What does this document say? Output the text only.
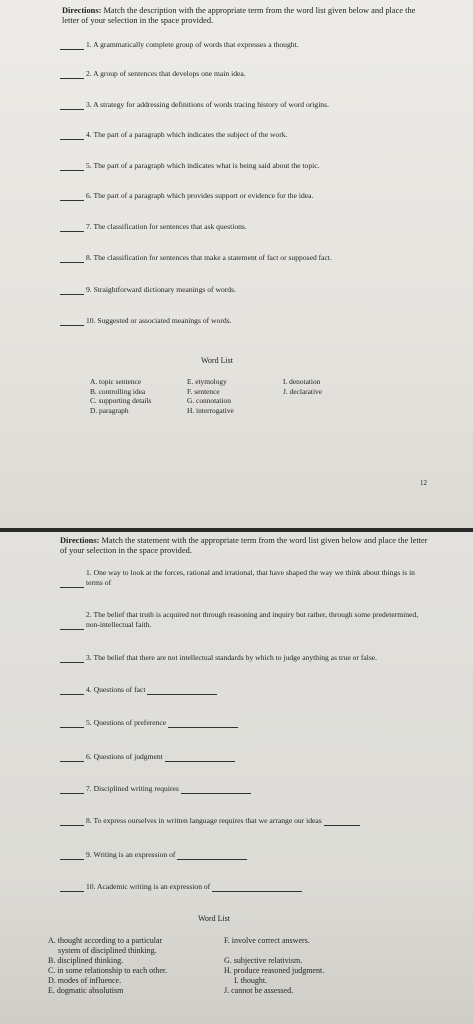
Directions: Match the description with the appropriate term from the word list given below and place the letter of your selection in the space provided.
1. A grammatically complete group of words that expresses a thought.
2. A group of sentences that develops one main idea.
3. A strategy for addressing definitions of words tracing history of word origins.
4. The part of a paragraph which indicates the subject of the work.
5. The part of a paragraph which indicates what is being said about the topic.
6. The part of a paragraph which provides support or evidence for the idea.
7. The classification for sentences that ask questions.
8. The classification for sentences that make a statement of fact or supposed fact.
9. Straightforward dictionary meanings of words.
10. Suggested or associated meanings of words.
Word List
A. topic sentence
B. controlling idea
C. supporting details
D. paragraph
E. etymology
F. sentence
G. connotation
H. interrogative
I. denotation
J. declarative
12
Directions: Match the statement with the appropriate term from the word list given below and place the letter of your selection in the space provided.
1. One way to look at the forces, rational and irrational, that have shaped the way we think about things is in terms of
2. The belief that truth is acquired not through reasoning and inquiry but rather, through some predetermined, non-intellectual faith.
3. The belief that there are not intellectual standards by which to judge anything as true or false.
4. Questions of fact
5. Questions of preference
6. Questions of judgment
7. Disciplined writing requires
8. To express ourselves in written language requires that we arrange our ideas
9. Writing is an expression of
10. Academic writing is an expression of
Word List
A. thought according to a particular
system of disciplined thinking.
B. disciplined thinking.
C. in some relationship to each other.
D. modes of influence.
E. dogmatic absolutism
F. involve correct answers.
G. subjective relativism.
H. produce reasoned judgment.
I. thought.
J. cannot be assessed.
